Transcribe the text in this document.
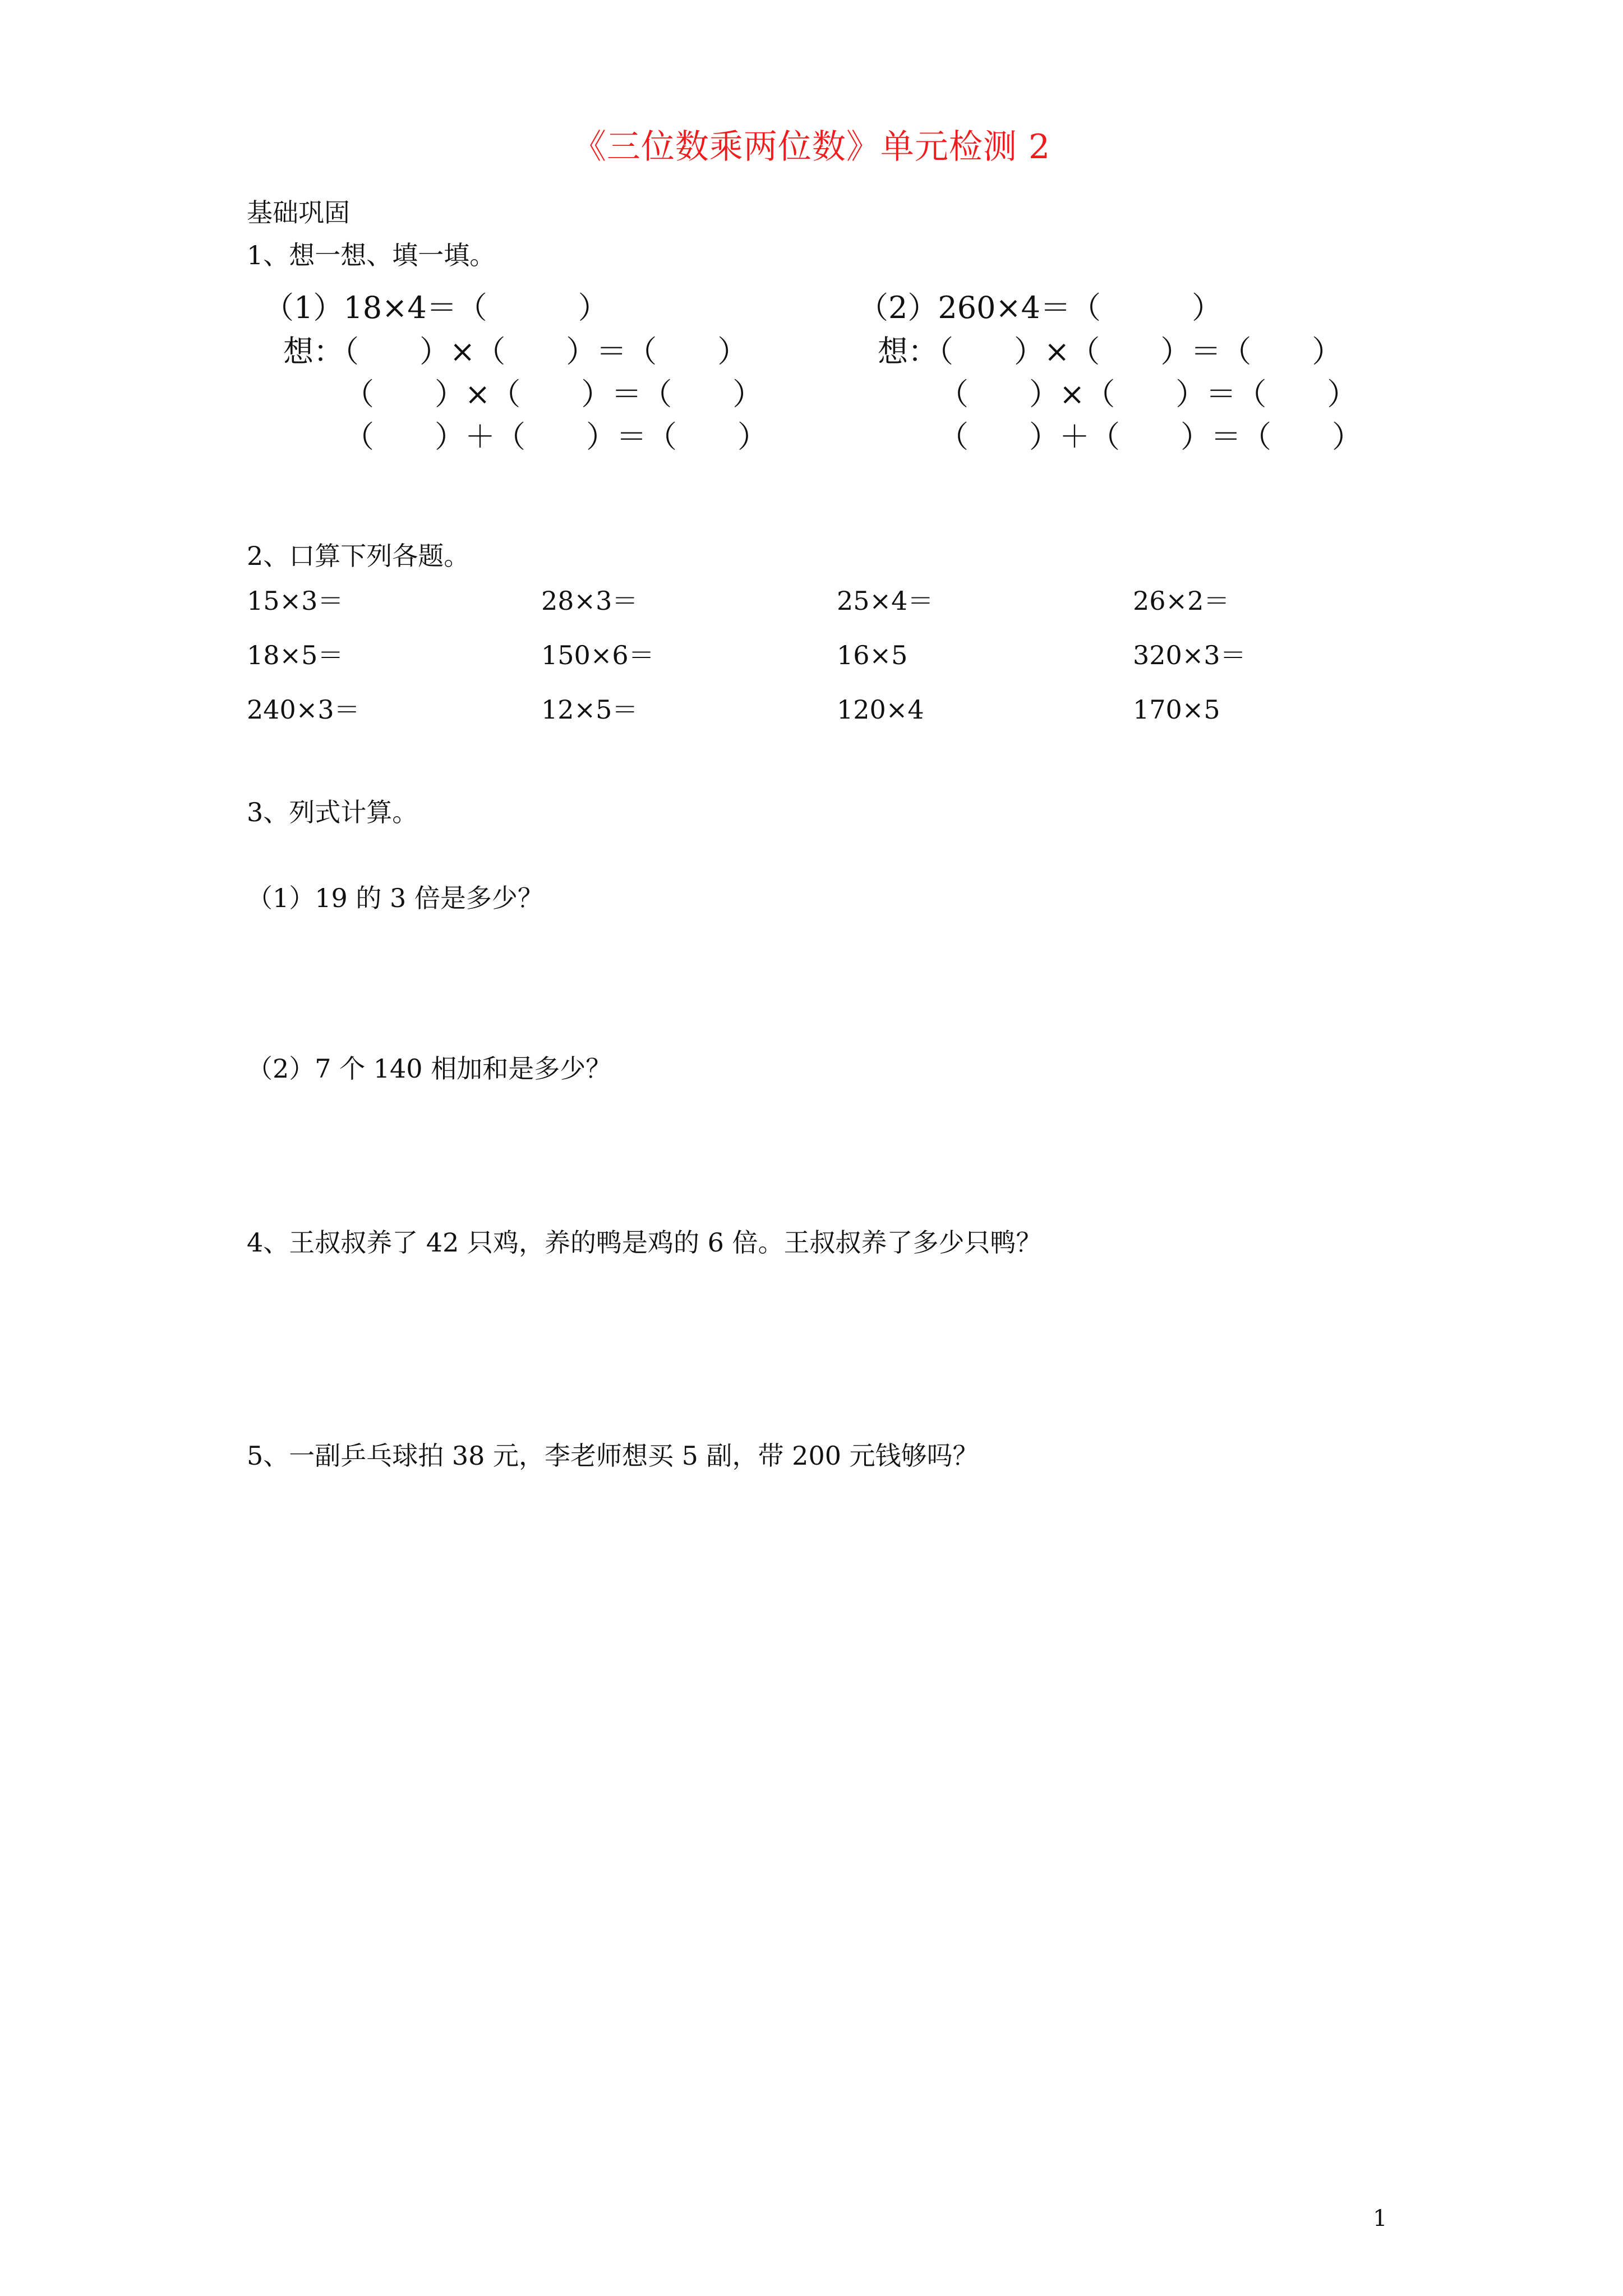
《三位数乘两位数》单元检测 2
基础巩固
1、想一想、填一填。
（1）18×4＝（　　　）
想：（　　）×（　　）＝（　　）
（　　）×（　　）＝（　　）
（　　）＋（　　）＝（　　）
（2）260×4＝（　　　）
想：（　　）×（　　）＝（　　）
（　　）×（　　）＝（　　）
（　　）＋（　　）＝（　　）
2、口算下列各题。
15×3＝	28×3＝	25×4＝	26×2＝
18×5＝	150×6＝	16×5	320×3＝
240×3＝	12×5＝	120×4	170×5
3、列式计算。
（1）19 的 3 倍是多少？
（2）7 个 140 相加和是多少？
4、王叔叔养了 42 只鸡，养的鸭是鸡的 6 倍。王叔叔养了多少只鸭？
5、一副乒乓球拍 38 元，李老师想买 5 副，带 200 元钱够吗？
1
